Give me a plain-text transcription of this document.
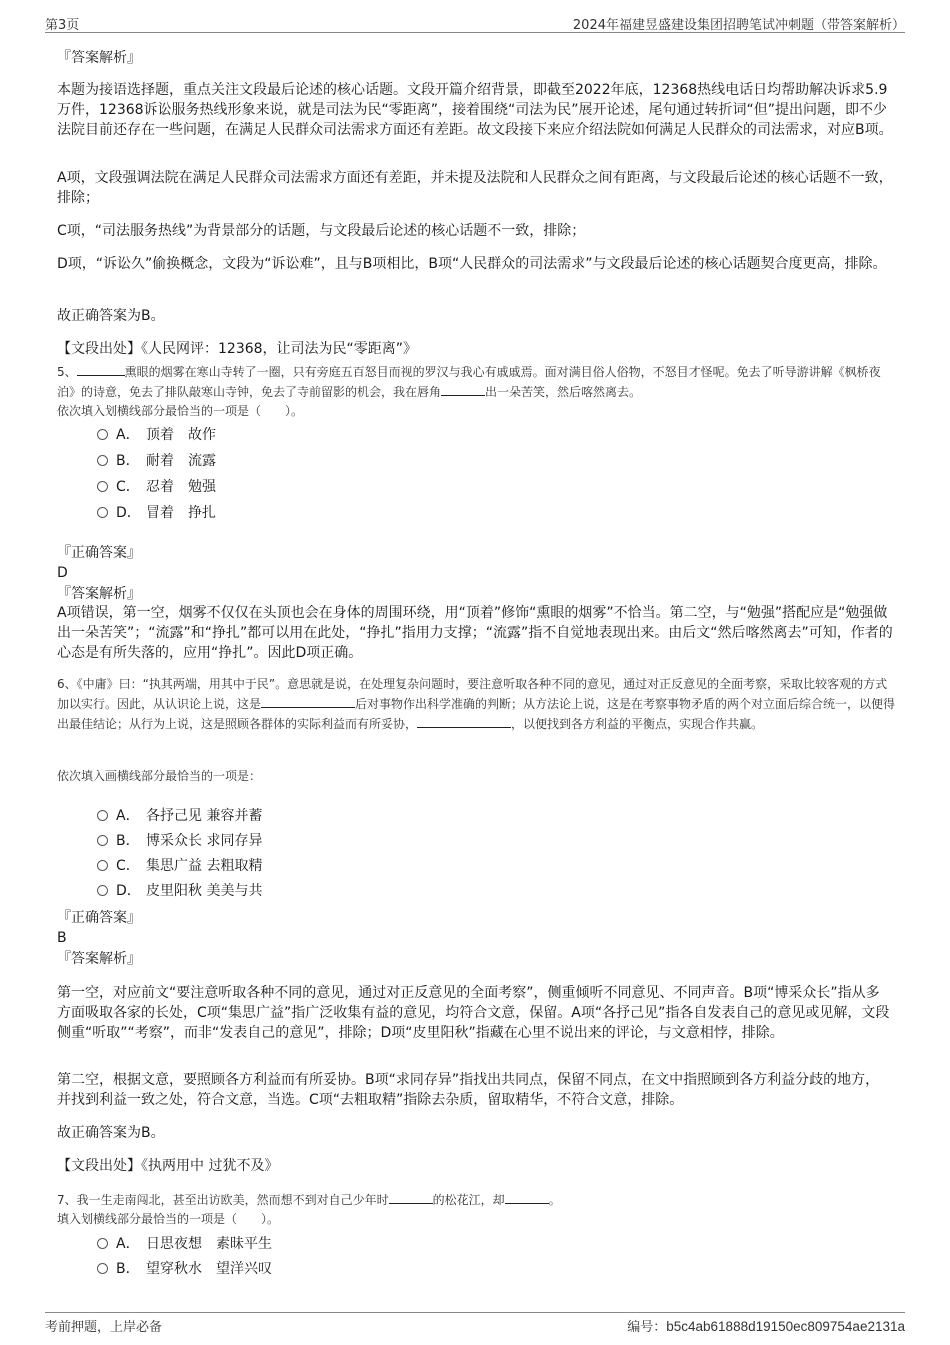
第3页	2024年福建昱盛建设集团招聘笔试冲刺题（带答案解析）

『答案解析』

本题为接语选择题，重点关注文段最后论述的核心话题。文段开篇介绍背景，即截至2022年底，12368热线电话日均帮助解决诉求5.9万件，12368诉讼服务热线形象来说，就是司法为民“零距离”，接着围绕“司法为民”展开论述，尾句通过转折词“但”提出问题，即不少法院目前还存在一些问题，在满足人民群众司法需求方面还有差距。故文段接下来应介绍法院如何满足人民群众的司法需求，对应B项。

A项，文段强调法院在满足人民群众司法需求方面还有差距，并未提及法院和人民群众之间有距离，与文段最后论述的核心话题不一致，排除；

C项，“司法服务热线”为背景部分的话题，与文段最后论述的核心话题不一致，排除；

D项，“诉讼久”偷换概念，文段为“诉讼难”，且与B项相比，B项“人民群众的司法需求”与文段最后论述的核心话题契合度更高，排除。

故正确答案为B。

【文段出处】《人民网评：12368，让司法为民“零距离”》

5、	熏眼的烟雾在寒山寺转了一圈，只有旁庭五百怒目而视的罗汉与我心有戚戚焉。面对满目俗人俗物，不怒目才怪呢。免去了听导游讲解《枫桥夜泊》的诗意，免去了排队敲寒山寺钟，免去了寺前留影的机会，我在唇角	出一朵苦笑，然后喀然离去。

依次填入划横线部分最恰当的一项是（　　）。

A． 顶着　故作
B． 耐着　流露
C． 忍着　勉强
D． 冒着　挣扎

『正确答案』

D

『答案解析』

A项错误，第一空，烟雾不仅仅在头顶也会在身体的周围环绕，用“顶着”修饰“熏眼的烟雾”不恰当。第二空，与“勉强”搭配应是“勉强做出一朵苦笑”；“流露”和“挣扎”都可以用在此处，“挣扎”指用力支撑；“流露”指不自觉地表现出来。由后文“然后喀然离去”可知，作者的心态是有所失落的，应用“挣扎”。因此D项正确。

6、《中庸》曰：“执其两端，用其中于民”。意思就是说，在处理复杂问题时，要注意听取各种不同的意见，通过对正反意见的全面考察，采取比较客观的方式加以实行。因此，从认识论上说，这是	后对事物作出科学准确的判断；从方法论上说，这是在考察事物矛盾的两个对立面后综合统一，以便得出最佳结论；从行为上说，这是照顾各群体的实际利益而有所妥协，	，以便找到各方利益的平衡点，实现合作共赢。

依次填入画横线部分最恰当的一项是：

A． 各抒己见 兼容并蓄
B． 博采众长 求同存异
C． 集思广益 去粗取精
D． 皮里阳秋 美美与共

『正确答案』

B

『答案解析』

第一空，对应前文“要注意听取各种不同的意见，通过对正反意见的全面考察”，侧重倾听不同意见、不同声音。B项“博采众长”指从多方面吸取各家的长处，C项“集思广益”指广泛收集有益的意见，均符合文意，保留。A项“各抒己见”指各自发表自己的意见或见解，文段侧重“听取”“考察”，而非“发表自己的意见”，排除；D项“皮里阳秋”指藏在心里不说出来的评论，与文意相悖，排除。

第二空，根据文意，要照顾各方利益而有所妥协。B项“求同存异”指找出共同点，保留不同点，在文中指照顾到各方利益分歧的地方，并找到利益一致之处，符合文意，当选。C项“去粗取精”指除去杂质，留取精华，不符合文意，排除。

故正确答案为B。

【文段出处】《执两用中 过犹不及》

7、我一生走南闯北，甚至出访欧美，然而想不到对自己少年时	的松花江，却	。

填入划横线部分最恰当的一项是（　　）。

A． 日思夜想　素昧平生
B． 望穿秋水　望洋兴叹
考前押题，上岸必备	编号：b5c4ab61888d19150ec809754ae2131a
